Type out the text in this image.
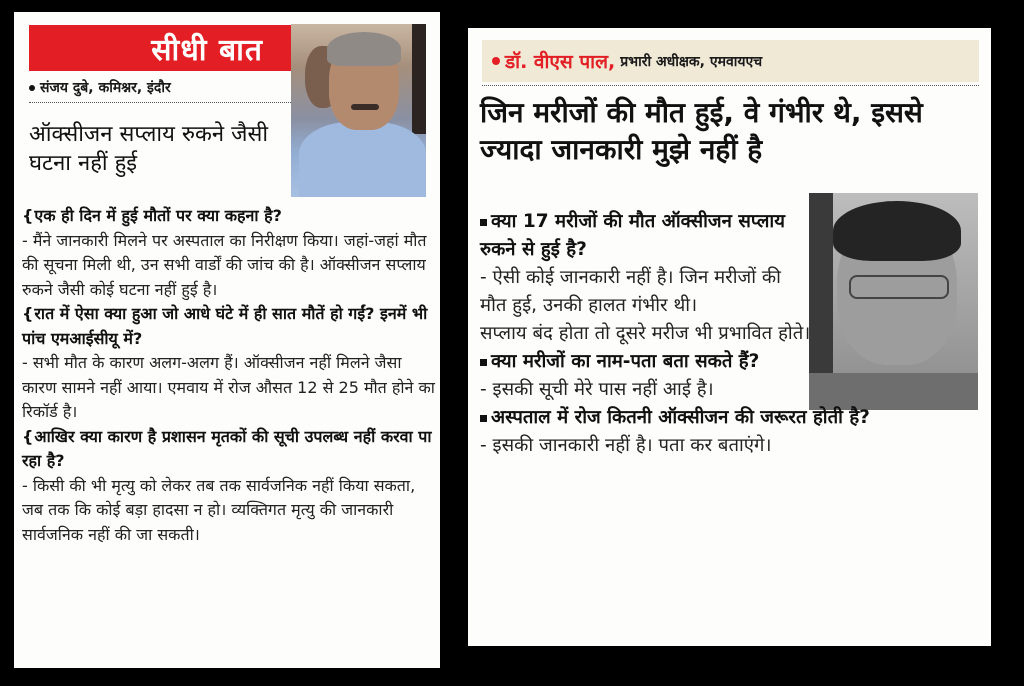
सीधी बात
संजय दुबे, कमिश्नर, इंदौर
ऑक्सीजन सप्लाय रुकने जैसी घटना नहीं हुई
{एक ही दिन में हुई मौतों पर क्या कहना है?
- मैंने जानकारी मिलने पर अस्पताल का निरीक्षण किया। जहां-जहां मौत की सूचना मिली थी, उन सभी वार्डों की जांच की है। ऑक्सीजन सप्लाय रुकने जैसी कोई घटना नहीं हुई है।
{रात में ऐसा क्या हुआ जो आधे घंटे में ही सात मौतें हो गईं? इनमें भी पांच एमआईसीयू में?
- सभी मौत के कारण अलग-अलग हैं। ऑक्सीजन नहीं मिलने जैसा कारण सामने नहीं आया। एमवाय में रोज औसत 12 से 25 मौत होने का रिकॉर्ड है।
{आखिर क्या कारण है प्रशासन मृतकों की सूची उपलब्ध नहीं करवा पा रहा है?
- किसी की भी मृत्यु को लेकर तब तक सार्वजनिक नहीं किया सकता, जब तक कि कोई बड़ा हादसा न हो। व्यक्तिगत मृत्यु की जानकारी सार्वजनिक नहीं की जा सकती।
डॉ. वीएस पाल,
प्रभारी अधीक्षक, एमवायएच
जिन मरीजों की मौत हुई, वे गंभीर थे, इससे ज्यादा जानकारी मुझे नहीं है
क्या 17 मरीजों की मौत ऑक्सीजन सप्लाय रुकने से हुई है?
- ऐसी कोई जानकारी नहीं है। जिन मरीजों की मौत हुई, उनकी हालत गंभीर थी।
सप्लाय बंद होता तो दूसरे मरीज भी प्रभावित होते।
क्या मरीजों का नाम-पता बता सकते हैं?
- इसकी सूची मेरे पास नहीं आई है।
अस्पताल में रोज कितनी ऑक्सीजन की जरूरत होती है?
- इसकी जानकारी नहीं है। पता कर बताएंगे।
